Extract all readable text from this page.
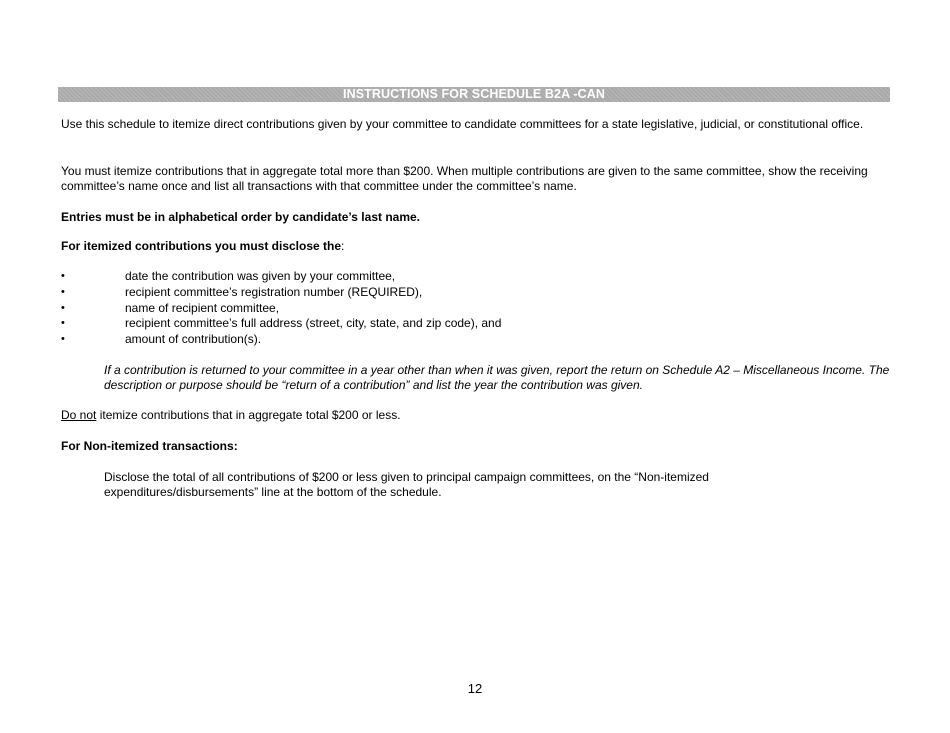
INSTRUCTIONS FOR SCHEDULE B2A -CAN

Use this schedule to itemize direct contributions given by your committee to candidate committees for a state legislative, judicial, or constitutional office.

You must itemize contributions that in aggregate total more than $200. When multiple contributions are given to the same committee, show the receiving committee’s name once and list all transactions with that committee under the committee’s name.

Entries must be in alphabetical order by candidate’s last name.

For itemized contributions you must disclose the:

•	date the contribution was given by your committee,
•	recipient committee’s registration number (REQUIRED),
•	name of recipient committee,
•	recipient committee’s full address (street, city, state, and zip code), and
•	amount of contribution(s).

If a contribution is returned to your committee in a year other than when it was given, report the return on Schedule A2 – Miscellaneous Income. The description or purpose should be “return of a contribution” and list the year the contribution was given.

Do not itemize contributions that in aggregate total $200 or less.

For Non-itemized transactions:

Disclose the total of all contributions of $200 or less given to principal campaign committees, on the “Non-itemized expenditures/disbursements” line at the bottom of the schedule.

12
